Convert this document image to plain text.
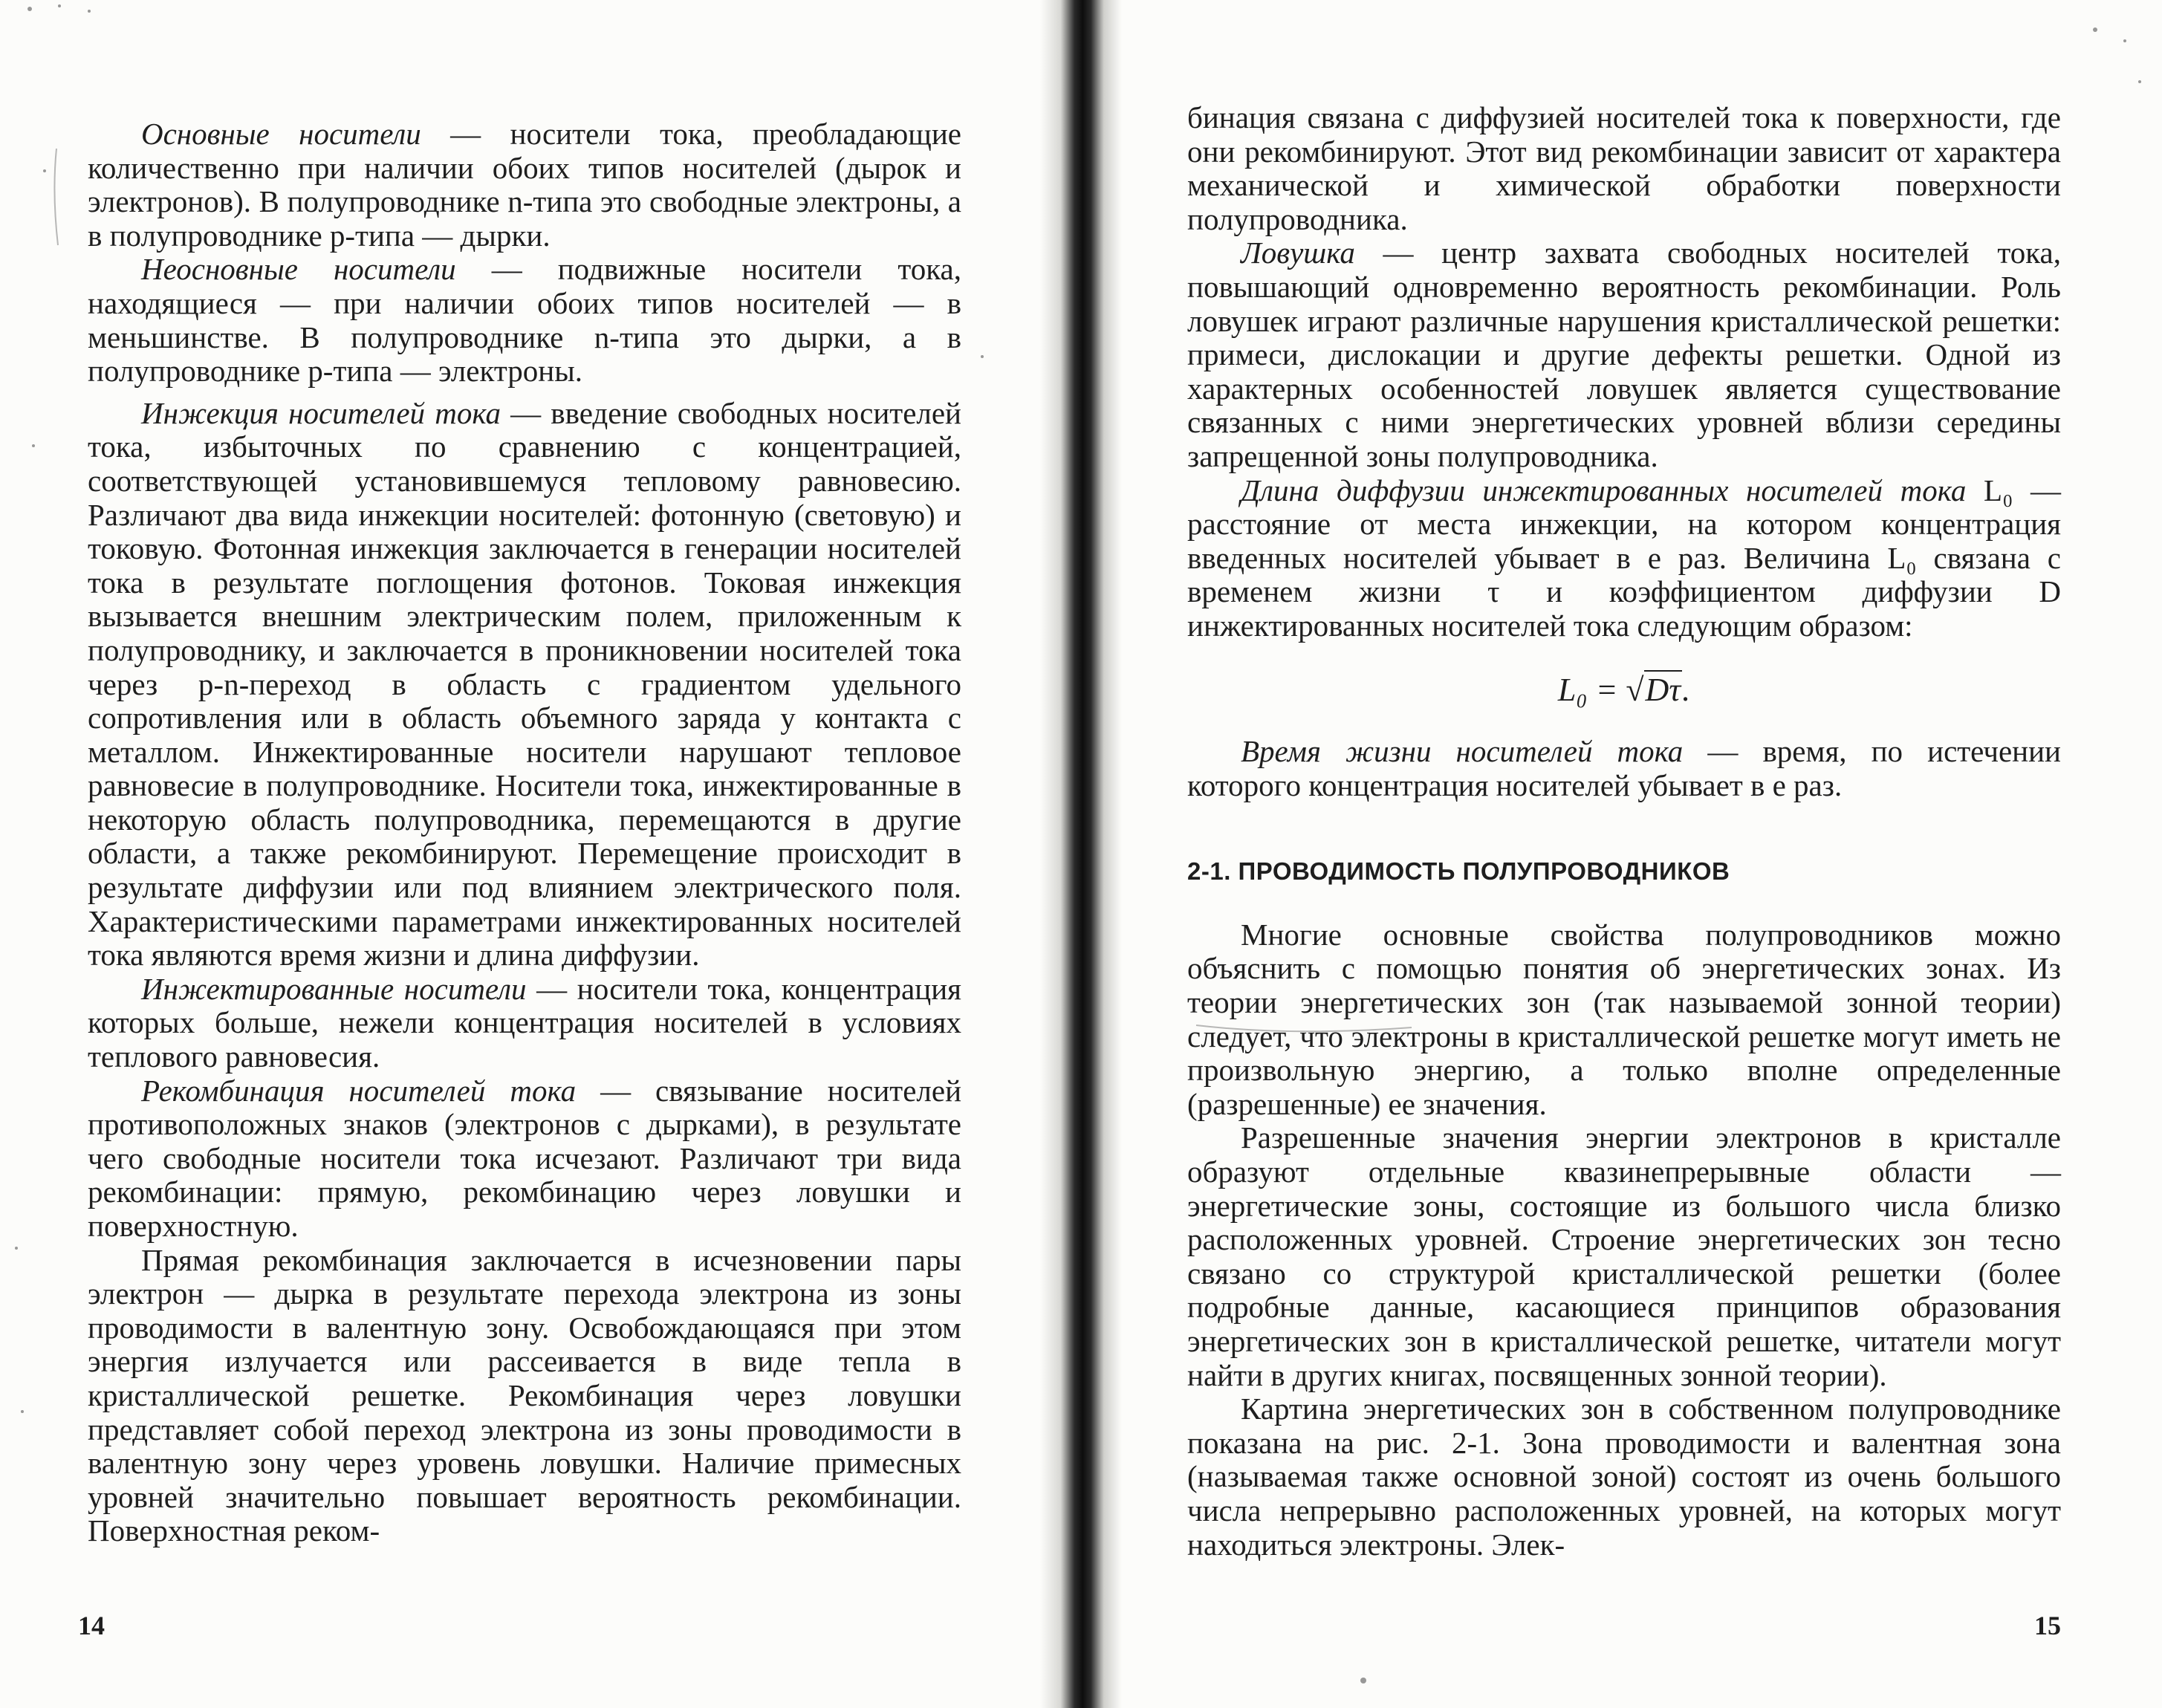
Основные носители — носители тока, преобладающие количественно при наличии обоих типов носителей (дырок и электронов). В полупроводнике n-типа это свободные электроны, а в полупроводнике p-типа — дырки.

Неосновные носители — подвижные носители тока, находящиеся — при наличии обоих типов носителей — в меньшинстве. В полупроводнике n-типа это дырки, а в полупроводнике p-типа — электроны.

Инжекция носителей тока — введение свободных носителей тока, избыточных по сравнению с концентрацией, соответствующей установившемуся тепловому равновесию. Различают два вида инжекции носителей: фотонную (световую) и токовую. Фотонная инжекция заключается в генерации носителей тока в результате поглощения фотонов. Токовая инжекция вызывается внешним электрическим полем, приложенным к полупроводнику, и заключается в проникновении носителей тока через p-n-переход в область с градиентом удельного сопротивления или в область объемного заряда у контакта с металлом. Инжектированные носители нарушают тепловое равновесие в полупроводнике. Носители тока, инжектированные в некоторую область полупроводника, перемещаются в другие области, а также рекомбинируют. Перемещение происходит в результате диффузии или под влиянием электрического поля. Характеристическими параметрами инжектированных носителей тока являются время жизни и длина диффузии.

Инжектированные носители — носители тока, концентрация которых больше, нежели концентрация носителей в условиях теплового равновесия.

Рекомбинация носителей тока — связывание носителей противоположных знаков (электронов с дырками), в результате чего свободные носители тока исчезают. Различают три вида рекомбинации: прямую, рекомбинацию через ловушки и поверхностную.

Прямая рекомбинация заключается в исчезновении пары электрон — дырка в результате перехода электрона из зоны проводимости в валентную зону. Освобождающаяся при этом энергия излучается или рассеивается в виде тепла в кристаллической решетке. Рекомбинация через ловушки представляет собой переход электрона из зоны проводимости в валентную зону через уровень ловушки. Наличие примесных уровней значительно повышает вероятность рекомбинации. Поверхностная реком-

14

бинация связана с диффузией носителей тока к поверхности, где они рекомбинируют. Этот вид рекомбинации зависит от характера механической и химической обработки поверхности полупроводника.

Ловушка — центр захвата свободных носителей тока, повышающий одновременно вероятность рекомбинации. Роль ловушек играют различные нарушения кристаллической решетки: примеси, дислокации и другие дефекты решетки. Одной из характерных особенностей ловушек является существование связанных с ними энергетических уровней вблизи середины запрещенной зоны полупроводника.

Длина диффузии инжектированных носителей тока L₀ — расстояние от места инжекции, на котором концентрация введенных носителей убывает в e раз. Величина L₀ связана с временем жизни τ и коэффициентом диффузии D инжектированных носителей тока следующим образом:

L₀ = √Dτ.

Время жизни носителей тока — время, по истечении которого концентрация носителей убывает в e раз.

2-1. ПРОВОДИМОСТЬ ПОЛУПРОВОДНИКОВ

Многие основные свойства полупроводников можно объяснить с помощью понятия об энергетических зонах. Из теории энергетических зон (так называемой зонной теории) следует, что электроны в кристаллической решетке могут иметь не произвольную энергию, а только вполне определенные (разрешенные) ее значения.

Разрешенные значения энергии электронов в кристалле образуют отдельные квазинепрерывные области — энергетические зоны, состоящие из большого числа близко расположенных уровней. Строение энергетических зон тесно связано со структурой кристаллической решетки (более подробные данные, касающиеся принципов образования энергетических зон в кристаллической решетке, читатели могут найти в других книгах, посвященных зонной теории).

Картина энергетических зон в собственном полупроводнике показана на рис. 2-1. Зона проводимости и валентная зона (называемая также основной зоной) состоят из очень большого числа непрерывно расположенных уровней, на которых могут находиться электроны. Элек-

15
